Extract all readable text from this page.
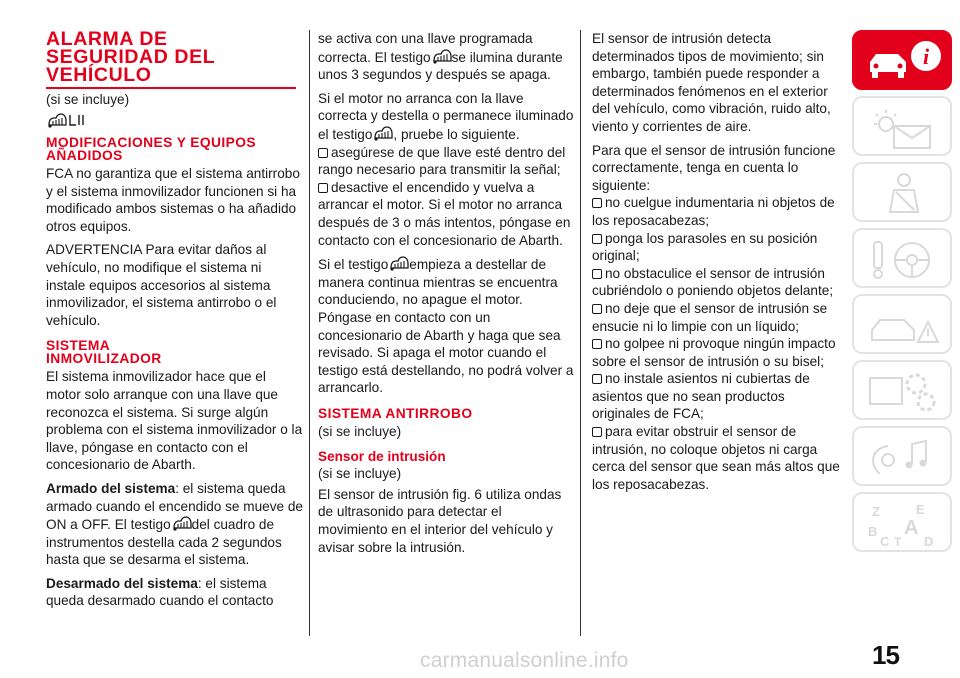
ALARMA DE SEGURIDAD DEL VEHÍCULO
(si se incluye)
MODIFICACIONES Y EQUIPOS AÑADIDOS

FCA no garantiza que el sistema antirrobo y el sistema inmovilizador funcionen si ha modificado ambos sistemas o ha añadido otros equipos.

ADVERTENCIA Para evitar daños al vehículo, no modifique el sistema ni instale equipos accesorios al sistema inmovilizador, el sistema antirrobo o el vehículo.

SISTEMA INMOVILIZADOR

El sistema inmovilizador hace que el motor solo arranque con una llave que reconozca el sistema. Si surge algún problema con el sistema inmovilizador o la llave, póngase en contacto con el concesionario de Abarth.

Armado del sistema: el sistema queda armado cuando el encendido se mueve de ON a OFF. El testigo del cuadro de instrumentos destella cada 2 segundos hasta que se desarma el sistema.

Desarmado del sistema: el sistema queda desarmado cuando el contacto

se activa con una llave programada correcta. El testigo se ilumina durante unos 3 segundos y después se apaga.

Si el motor no arranca con la llave correcta y destella o permanece iluminado el testigo , pruebe lo siguiente.

asegúrese de que llave esté dentro del rango necesario para transmitir la señal;

desactive el encendido y vuelva a arrancar el motor. Si el motor no arranca después de 3 o más intentos, póngase en contacto con el concesionario de Abarth.

Si el testigo empieza a destellar de manera continua mientras se encuentra conduciendo, no apague el motor. Póngase en contacto con un concesionario de Abarth y haga que sea revisado. Si apaga el motor cuando el testigo está destellando, no podrá volver a arrancarlo.

SISTEMA ANTIRROBO
(si se incluye)
Sensor de intrusión
(si se incluye)

El sensor de intrusión fig. 6 utiliza ondas de ultrasonido para detectar el movimiento en el interior del vehículo y avisar sobre la intrusión.

El sensor de intrusión detecta determinados tipos de movimiento; sin embargo, también puede responder a determinados fenómenos en el exterior del vehículo, como vibración, ruido alto, viento y corrientes de aire.

Para que el sensor de intrusión funcione correctamente, tenga en cuenta lo siguiente:

no cuelgue indumentaria ni objetos de los reposacabezas;

ponga los parasoles en su posición original;

no obstaculice el sensor de intrusión cubriéndolo o poniendo objetos delante;

no deje que el sensor de intrusión se ensucie ni lo limpie con un líquido;

no golpee ni provoque ningún impacto sobre el sensor de intrusión o su bisel;

no instale asientos ni cubiertas de asientos que no sean productos originales de FCA;

para evitar obstruir el sensor de intrusión, no coloque objetos ni carga cerca del sensor que sean más altos que los reposacabezas.

i
Z	E
B A
C T D
15
carmanualsonline.info
